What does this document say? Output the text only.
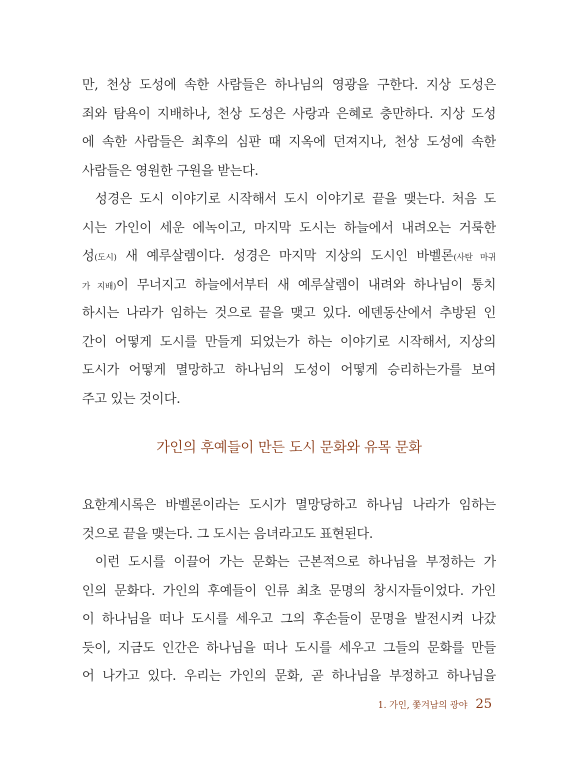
만, 천상 도성에 속한 사람들은 하나님의 영광을 구한다. 지상 도성은
죄와 탐욕이 지배하나, 천상 도성은 사랑과 은혜로 충만하다. 지상 도성
에 속한 사람들은 최후의 심판 때 지옥에 던져지나, 천상 도성에 속한
사람들은 영원한 구원을 받는다.
성경은 도시 이야기로 시작해서 도시 이야기로 끝을 맺는다. 처음 도
시는 가인이 세운 에녹이고, 마지막 도시는 하늘에서 내려오는 거룩한
성(도시) 새 예루살렘이다. 성경은 마지막 지상의 도시인 바벨론(사탄 마귀
가 지배)이 무너지고 하늘에서부터 새 예루살렘이 내려와 하나님이 통치
하시는 나라가 임하는 것으로 끝을 맺고 있다. 에덴동산에서 추방된 인
간이 어떻게 도시를 만들게 되었는가 하는 이야기로 시작해서, 지상의
도시가 어떻게 멸망하고 하나님의 도성이 어떻게 승리하는가를 보여
주고 있는 것이다.
가인의 후예들이 만든 도시 문화와 유목 문화
요한계시록은 바벨론이라는 도시가 멸망당하고 하나님 나라가 임하는
것으로 끝을 맺는다. 그 도시는 음녀라고도 표현된다.
이런 도시를 이끌어 가는 문화는 근본적으로 하나님을 부정하는 가
인의 문화다. 가인의 후예들이 인류 최초 문명의 창시자들이었다. 가인
이 하나님을 떠나 도시를 세우고 그의 후손들이 문명을 발전시켜 나갔
듯이, 지금도 인간은 하나님을 떠나 도시를 세우고 그들의 문화를 만들
어 나가고 있다. 우리는 가인의 문화, 곧 하나님을 부정하고 하나님을
1. 가인, 쫓겨남의 광야 25
